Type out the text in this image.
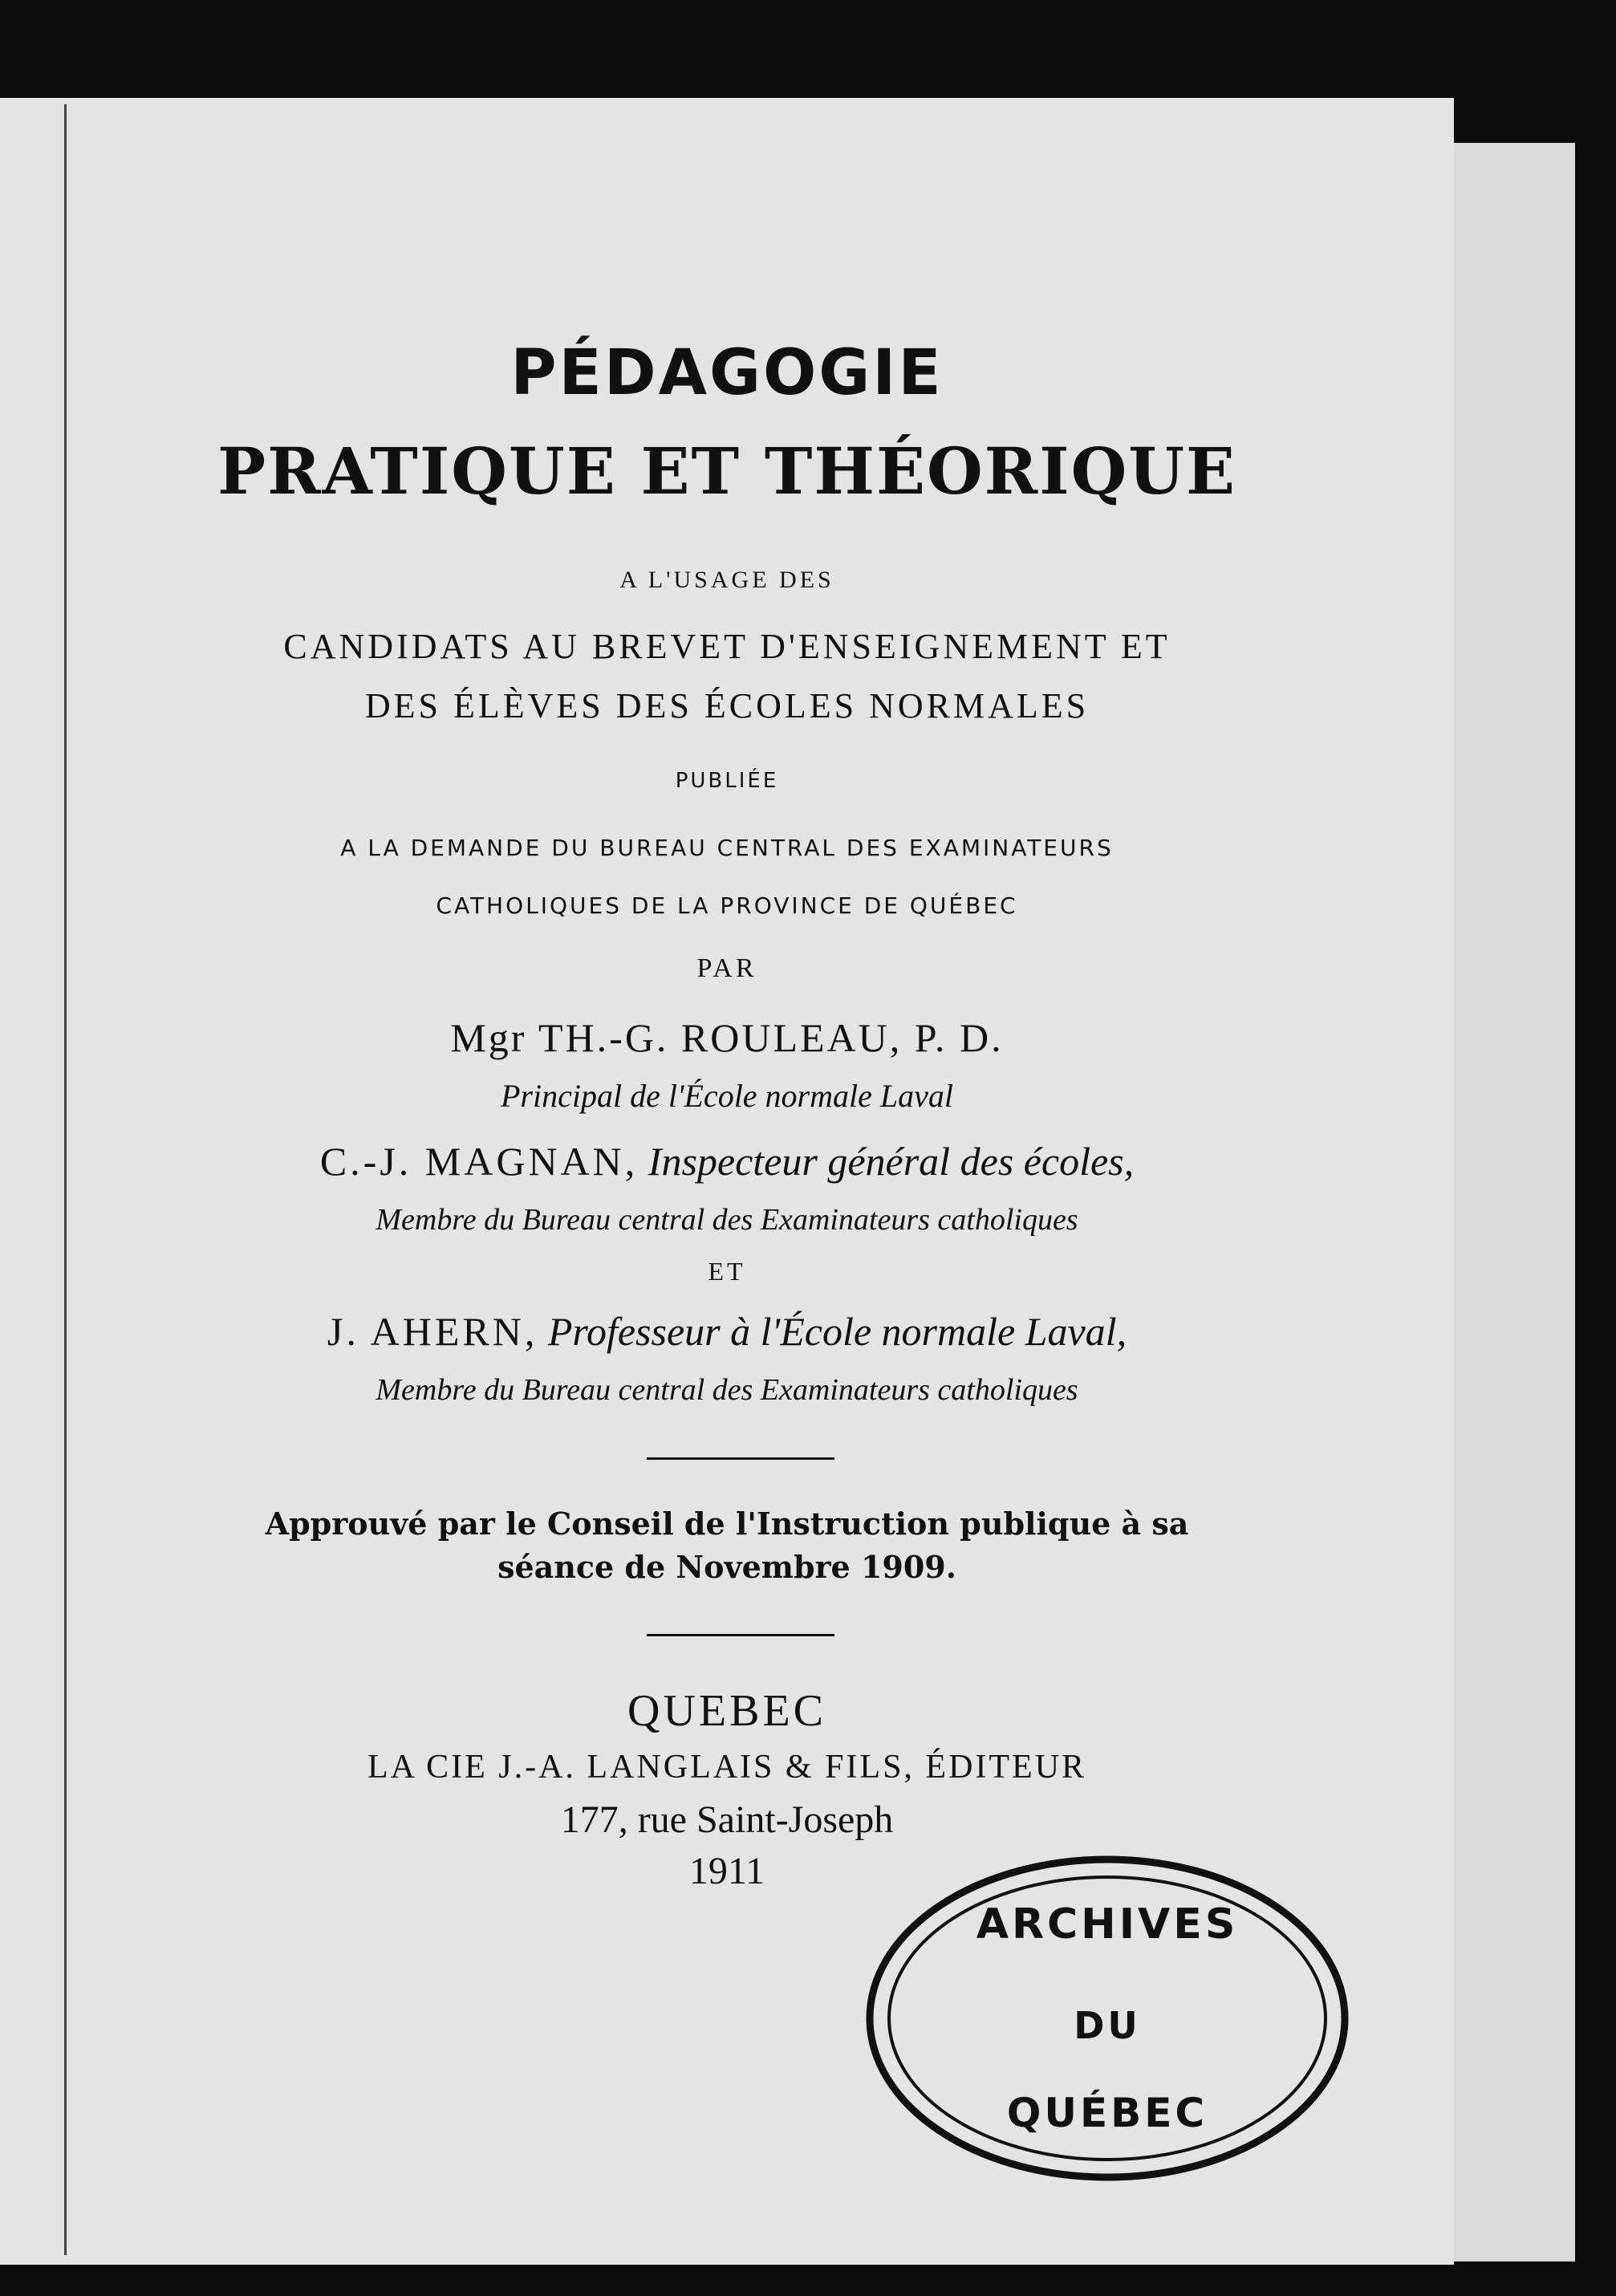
PÉDAGOGIE
PRATIQUE ET THÉORIQUE
A L'USAGE DES
CANDIDATS AU BREVET D'ENSEIGNEMENT ET
DES ÉLÈVES DES ÉCOLES NORMALES
PUBLIÉE
A LA DEMANDE DU BUREAU CENTRAL DES EXAMINATEURS
CATHOLIQUES DE LA PROVINCE DE QUÉBEC
PAR
Mgr TH.-G. ROULEAU, P. D.
Principal de l'École normale Laval
C.-J. MAGNAN, Inspecteur général des écoles,
Membre du Bureau central des Examinateurs catholiques
ET
J. AHERN, Professeur à l'École normale Laval,
Membre du Bureau central des Examinateurs catholiques
Approuvé par le Conseil de l'Instruction publique à sa
séance de Novembre 1909.
QUEBEC
LA CIE J.-A. LANGLAIS & FILS, ÉDITEUR
177, rue Saint-Joseph
1911
ARCHIVES
DU
QUÉBEC
